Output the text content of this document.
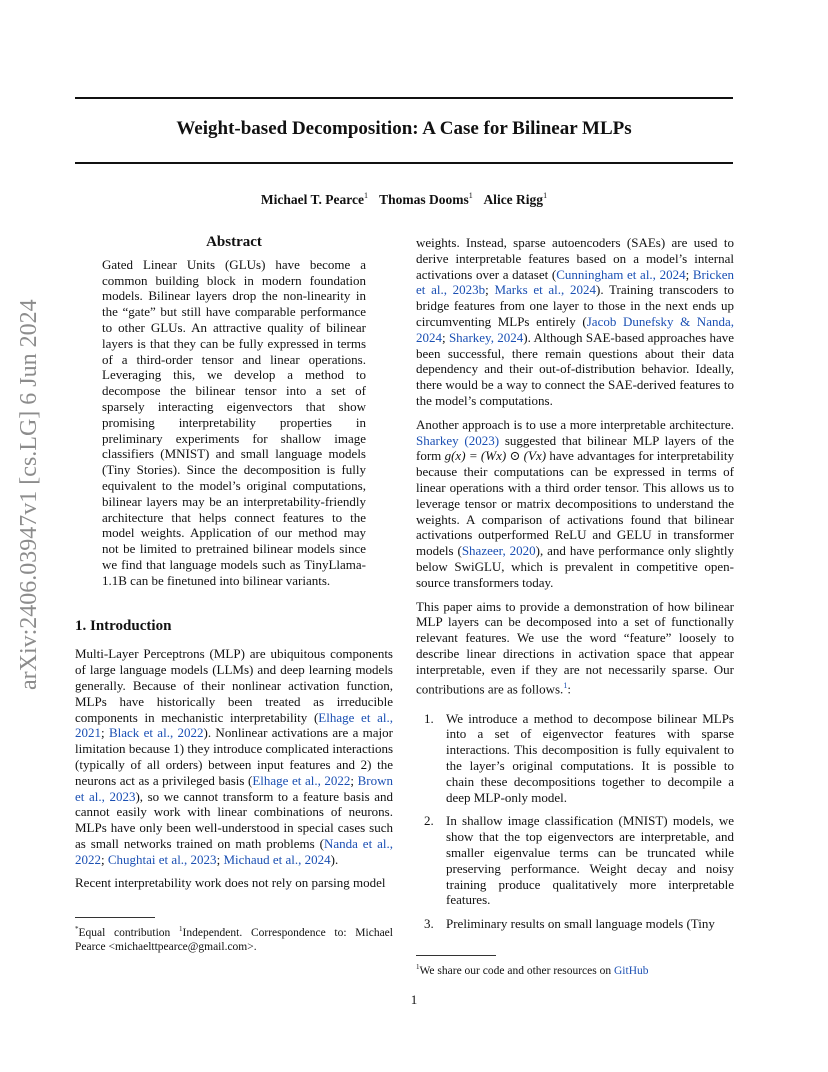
Weight-based Decomposition: A Case for Bilinear MLPs
Michael T. Pearce$^1$ Thomas Dooms$^1$ Alice Rigg$^1$
arXiv:2406.03947v1 [cs.LG] 6 Jun 2024
Abstract

Gated Linear Units (GLUs) have become a common building block in modern foundation models. Bilinear layers drop the non-linearity in the “gate” but still have comparable performance to other GLUs. An attractive quality of bilinear layers is that they can be fully expressed in terms of a third-order tensor and linear operations. Leveraging this, we develop a method to decompose the bilinear tensor into a set of sparsely interacting eigenvectors that show promising interpretability properties in preliminary experiments for shallow image classifiers (MNIST) and small language models (Tiny Stories). Since the decomposition is fully equivalent to the model’s original computations, bilinear layers may be an interpretability-friendly architecture that helps connect features to the model weights. Application of our method may not be limited to pretrained bilinear models since we find that language models such as TinyLlama-1.1B can be finetuned into bilinear variants.

1. Introduction

Multi-Layer Perceptrons (MLP) are ubiquitous components of large language models (LLMs) and deep learning models generally. Because of their nonlinear activation function, MLPs have historically been treated as irreducible components in mechanistic interpretability (Elhage et al., 2021; Black et al., 2022). Nonlinear activations are a major limitation because 1) they introduce complicated interactions (typically of all orders) between input features and 2) the neurons act as a privileged basis (Elhage et al., 2022; Brown et al., 2023), so we cannot transform to a feature basis and cannot easily work with linear combinations of neurons. MLPs have only been well-understood in special cases such as small networks trained on math problems (Nanda et al., 2022; Chughtai et al., 2023; Michaud et al., 2024).

Recent interpretability work does not rely on parsing model

*Equal contribution $^1$Independent. Correspondence to: Michael Pearce <michaelttpearce@gmail.com>.

weights. Instead, sparse autoencoders (SAEs) are used to derive interpretable features based on a model’s internal activations over a dataset (Cunningham et al., 2024; Bricken et al., 2023b; Marks et al., 2024). Training transcoders to bridge features from one layer to those in the next ends up circumventing MLPs entirely (Jacob Dunefsky & Nanda, 2024; Sharkey, 2024). Although SAE-based approaches have been successful, there remain questions about their data dependency and their out-of-distribution behavior. Ideally, there would be a way to connect the SAE-derived features to the model’s computations.

Another approach is to use a more interpretable architecture. Sharkey (2023) suggested that bilinear MLP layers of the form g(x) = (Wx) ⊙ (Vx) have advantages for interpretability because their computations can be expressed in terms of linear operations with a third order tensor. This allows us to leverage tensor or matrix decompositions to understand the weights. A comparison of activations found that bilinear activations outperformed ReLU and GELU in transformer models (Shazeer, 2020), and have performance only slightly below SwiGLU, which is prevalent in competitive open-source transformers today.

This paper aims to provide a demonstration of how bilinear MLP layers can be decomposed into a set of functionally relevant features. We use the word “feature” loosely to describe linear directions in activation space that appear interpretable, even if they are not necessarily sparse. Our contributions are as follows.$^1$:

1. We introduce a method to decompose bilinear MLPs into a set of eigenvector features with sparse interactions. This decomposition is fully equivalent to the layer’s original computations. It is possible to chain these decompositions together to decompile a deep MLP-only model.
2. In shallow image classification (MNIST) models, we show that the top eigenvectors are interpretable, and smaller eigenvalue terms can be truncated while preserving performance. Weight decay and noisy training produce qualitatively more interpretable features.
3. Preliminary results on small language models (Tiny
$^1$We share our code and other resources on GitHub
1
